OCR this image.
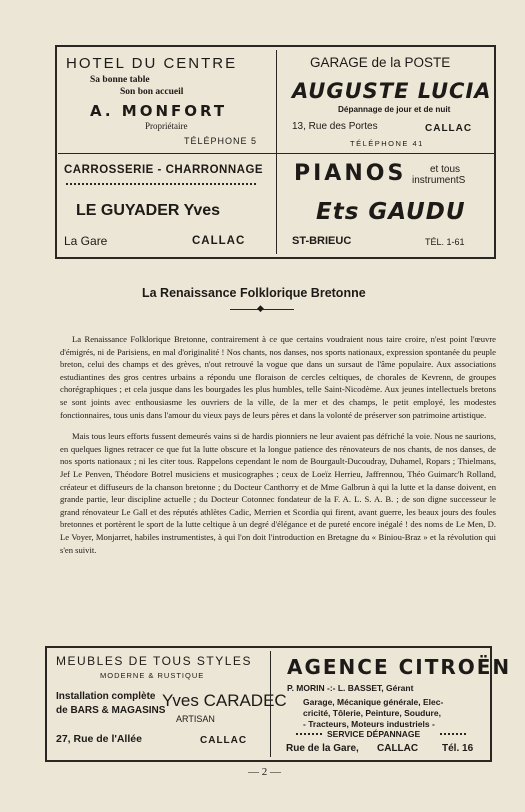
HOTEL DU CENTRE
Sa bonne table
Son bon accueil
A. MONFORT
Propriétaire
TÉLÉPHONE 5
GARAGE de la POSTE
AUGUSTE LUCIA
Dépannage de jour et de nuit
13, Rue des Portes	CALLAC
TÉLÉPHONE 41
CARROSSERIE - CHARRONNAGE
LE GUYADER Yves
La Gare	CALLAC
PIANOS et tous
instrumentS
Ets GAUDU
ST-BRIEUC	TÉL. 1-61
La Renaissance Folklorique Bretonne
◆

La Renaissance Folklorique Bretonne, contrairement à ce que certains voudraient nous taire croire, n'est point l'œuvre d'émigrés, ni de Parisiens, en mal d'originalité ! Nos chants, nos danses, nos sports nationaux, expression spontanée du peuple breton, celui des champs et des grèves, n'out retrouvé la vogue que dans un sursaut de l'âme populaire. Aux associations estudiantines des gros centres urbains a répondu une floraison de cercles celtiques, de chorales de Kevrenn, de groupes chorégraphiques ; et cela jusque dans les bourgades les plus humbles, telle Saint-Nicodème. Aux jeunes intellectuels bretons se sont joints avec enthousiasme les ouvriers de la ville, de la mer et des champs, le petit employé, les modestes fonctionnaires, tous unis dans l'amour du vieux pays de leurs pères et dans la volonté de préserver son patrimoine artistique.

Mais tous leurs efforts fussent demeurés vains si de hardis pionniers ne leur avaient pas défriché la voie. Nous ne saurions, en quelques lignes retracer ce que fut la lutte obscure et la longue patience des rénovateurs de nos chants, de nos danses, de nos sports nationaux ; ni les citer tous. Rappelons cependant le nom de Bourgault-Ducoudray, Duhamel, Ropars ; Thielmans, Jef Le Penven, Théodore Botrel musiciens et musicographes ; ceux de Loeïz Herrieu, Jaffrennou, Théo Guimarc'h Rolland, créateur et diffuseurs de la chanson bretonne ; du Docteur Canthorry et de Mme Galbrun à qui la lutte et la danse doivent, en grande partie, leur discipline actuelle ; du Docteur Cotonnec fondateur de la F. A. L. S. A. B. ; de son digne successeur le grand rénovateur Le Gall et des réputés athlètes Cadic, Merrien et Scordia qui firent, avant guerre, les beaux jours des foules bretonnes et portèrent le sport de la lutte celtique à un degré d'élégance et de pureté encore inégalé ! des noms de Le Men, D. Le Voyer, Monjarret, habiles instrumentistes, à qui l'on doit l'introduction en Bretagne du « Biniou-Braz » et la révolution qui s'en suivit.

MEUBLES DE TOUS STYLES
MODERNE & RUSTIQUE
Installation complète
de BARS & MAGASINS
Yves CARADEC
ARTISAN
27, Rue de l'Allée	CALLAC
AGENCE CITROËN
P. MORIN -:- L. BASSET, Gérant
Garage, Mécanique générale, Elec-
cricité, Tôlerie, Peinture, Soudure,
- Tracteurs, Moteurs industriels -
SERVICE DÉPANNAGE
Rue de la Gare, CALLAC Tél. 16
— 2 —
